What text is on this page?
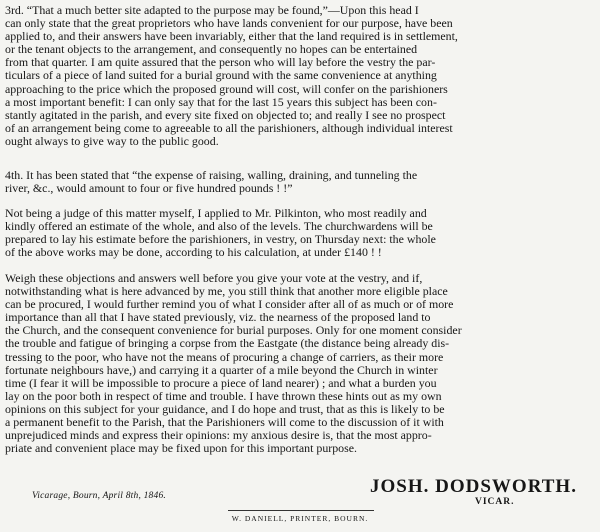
3rd. “That a much better site adapted to the purpose may be found,”—Upon this head I
can only state that the great proprietors who have lands convenient for our purpose, have been
applied to, and their answers have been invariably, either that the land required is in settlement,
or the tenant objects to the arrangement, and consequently no hopes can be entertained
from that quarter. I am quite assured that the person who will lay before the vestry the par-
ticulars of a piece of land suited for a burial ground with the same convenience at anything
approaching to the price which the proposed ground will cost, will confer on the parishioners
a most important benefit: I can only say that for the last 15 years this subject has been con-
stantly agitated in the parish, and every site fixed on objected to; and really I see no prospect
of an arrangement being come to agreeable to all the parishioners, although individual interest
ought always to give way to the public good.
4th. It has been stated that “the expense of raising, walling, draining, and tunneling the
river, &c., would amount to four or five hundred pounds ! !”
Not being a judge of this matter myself, I applied to Mr. Pilkinton, who most readily and
kindly offered an estimate of the whole, and also of the levels. The churchwardens will be
prepared to lay his estimate before the parishioners, in vestry, on Thursday next: the whole
of the above works may be done, according to his calculation, at under £140 ! !
Weigh these objections and answers well before you give your vote at the vestry, and if,
notwithstanding what is here advanced by me, you still think that another more eligible place
can be procured, I would further remind you of what I consider after all of as much or of more
importance than all that I have stated previously, viz. the nearness of the proposed land to
the Church, and the consequent convenience for burial purposes. Only for one moment consider
the trouble and fatigue of bringing a corpse from the Eastgate (the distance being already dis-
tressing to the poor, who have not the means of procuring a change of carriers, as their more
fortunate neighbours have,) and carrying it a quarter of a mile beyond the Church in winter
time (I fear it will be impossible to procure a piece of land nearer) ; and what a burden you
lay on the poor both in respect of time and trouble. I have thrown these hints out as my own
opinions on this subject for your guidance, and I do hope and trust, that as this is likely to be
a permanent benefit to the Parish, that the Parishioners will come to the discussion of it with
unprejudiced minds and express their opinions: my anxious desire is, that the most appro-
priate and convenient place may be fixed upon for this important purpose.
Vicarage, Bourn, April 8th, 1846.	JOSH. DODSWORTH.
VICAR.
W. DANIELL, PRINTER, BOURN.
